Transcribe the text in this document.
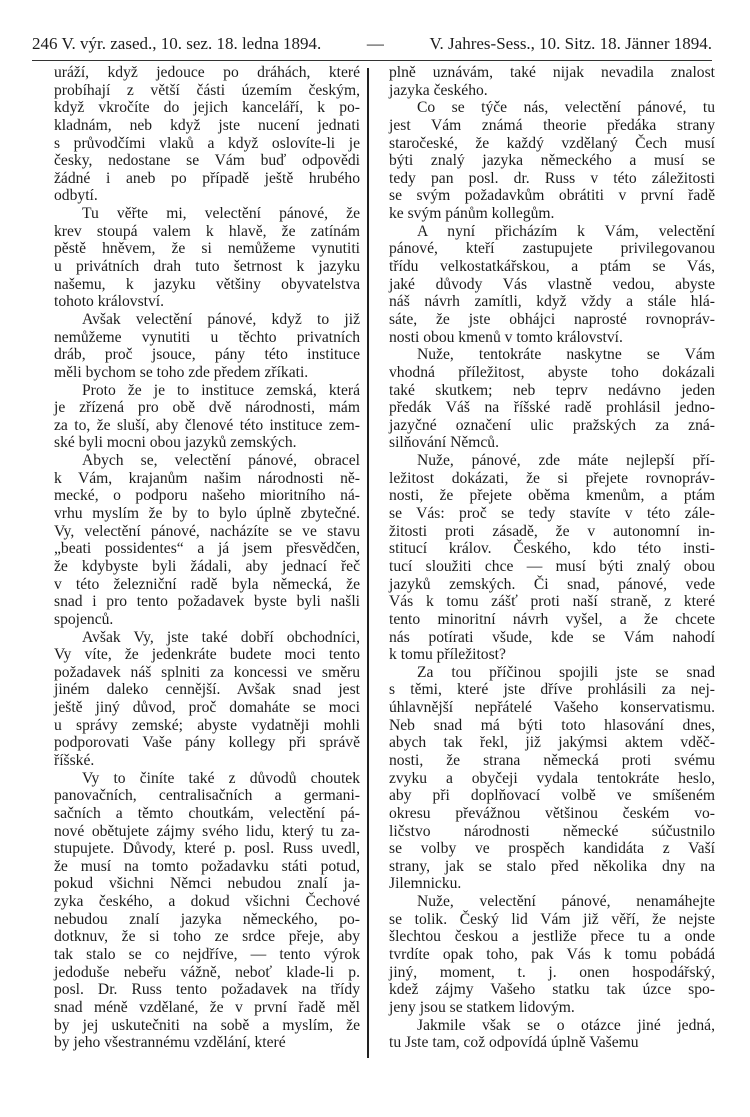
246 V. výr. zased., 10. sez. 18. ledna 1894.	—	V. Jahres-Sess., 10. Sitz. 18. Jänner 1894.
uráží, když jedouce po dráhách, které
probíhají z větší části územím českým,
když vkročíte do jejich kanceláří, k po-
kladnám, neb když jste nucení jednati
s průvodčími vlaků a když oslovíte-li je
česky, nedostane se Vám buď odpovědi
žádné i aneb po případě ještě hrubého
odbytí.
Tu věřte mi, velectění pánové, že
krev stoupá valem k hlavě, že zatínám
pěstě hněvem, že si nemůžeme vynutiti
u privátních drah tuto šetrnost k jazyku
našemu, k jazyku většiny obyvatelstva
tohoto království.
Avšak velectění pánové, když to již
nemůžeme vynutiti u těchto privatních
dráb, proč jsouce, pány této instituce
měli bychom se toho zde předem zříkati.
Proto že je to instituce zemská, která
je zřízená pro obě dvě národnosti, mám
za to, že sluší, aby členové této instituce zem-
ské byli mocni obou jazyků zemských.
Abych se, velectění pánové, obracel
k Vám, krajanům našim národnosti ně-
mecké, o podporu našeho mioritního ná-
vrhu myslím že by to bylo úplně zbytečné.
Vy, velectění pánové, nacházíte se ve stavu
„beati possidentes“ a já jsem přesvědčen,
že kdybyste byli žádali, aby jednací řeč
v této železniční radě byla německá, že
snad i pro tento požadavek byste byli našli
spojenců.
Avšak Vy, jste také dobří obchodníci,
Vy víte, že jedenkráte budete moci tento
požadavek náš splniti za koncessi ve směru
jiném daleko cennější. Avšak snad jest
ještě jiný důvod, proč domaháte se moci
u správy zemské; abyste vydatněji mohli
podporovati Vaše pány kollegy při správě
říšské.
Vy to činíte také z důvodů choutek
panovačních, centralisačních a germani-
sačních a těmto choutkám, velectění pá-
nové obětujete zájmy svého lidu, který tu za-
stupujete. Důvody, které p. posl. Russ uvedl,
že musí na tomto požadavku státi potud,
pokud všichni Němci nebudou znalí ja-
zyka českého, a dokud všichni Čechové
nebudou znalí jazyka německého, po-
dotknuv, že si toho ze srdce přeje, aby
tak stalo se co nejdříve, — tento výrok
jedoduše nebeřu vážně, neboť klade-li p.
posl. Dr. Russ tento požadavek na třídy
snad méně vzdělané, že v první řadě měl
by jej uskutečniti na sobě a myslím, že
by jeho všestrannému vzdělání, které
plně uznávám, také nijak nevadila znalost
jazyka českého.
Co se týče nás, velectění pánové, tu
jest Vám známá theorie předáka strany
staročeské, že každý vzdělaný Čech musí
býti znalý jazyka německého a musí se
tedy pan posl. dr. Russ v této záležitosti
se svým požadavkům obrátiti v první řadě
ke svým pánům kollegům.
A nyní přicházím k Vám, velectění
pánové, kteří zastupujete privilegovanou
třídu velkostatkářskou, a ptám se Vás,
jaké důvody Vás vlastně vedou, abyste
náš návrh zamítli, když vždy a stále hlá-
sáte, že jste obhájci naprosté rovnopráv-
nosti obou kmenů v tomto království.
Nuže, tentokráte naskytne se Vám
vhodná příležitost, abyste toho dokázali
také skutkem; neb teprv nedávno jeden
předák Váš na říšské radě prohlásil jedno-
jazyčné označení ulic pražských za zná-
silňování Němců.
Nuže, pánové, zde máte nejlepší pří-
ležitost dokázati, že si přejete rovnopráv-
nosti, že přejete oběma kmenům, a ptám
se Vás: proč se tedy stavíte v této zále-
žitosti proti zásadě, že v autonomní in-
stitucí králov. Českého, kdo této insti-
tucí sloužiti chce — musí býti znalý obou
jazyků zemských. Či snad, pánové, vede
Vás k tomu zášť proti naší straně, z které
tento minoritní návrh vyšel, a že chcete
nás potírati všude, kde se Vám nahodí
k tomu příležitost?
Za tou příčinou spojili jste se snad
s těmi, které jste dříve prohlásili za nej-
úhlavnější nepřátelé Vašeho konservatismu.
Neb snad má býti toto hlasování dnes,
abych tak řekl, již jakýmsi aktem vděč-
nosti, že strana německá proti svému
zvyku a obyčeji vydala tentokráte heslo,
aby při doplňovací volbě ve smíšeném
okresu převážnou většinou českém vo-
ličstvo národnosti německé súčustnilo
se volby ve prospěch kandidáta z Vaší
strany, jak se stalo před několika dny na
Jilemnicku.
Nuže, velectění pánové, nenamáhejte
se tolik. Český lid Vám již věří, že nejste
šlechtou českou a jestliže přece tu a onde
tvrdíte opak toho, pak Vás k tomu pobádá
jiný, moment, t. j. onen hospodářský,
kdež zájmy Vašeho statku tak úzce spo-
jeny jsou se statkem lidovým.
Jakmile však se o otázce jiné jedná,
tu Jste tam, což odpovídá úplně Vašemu
